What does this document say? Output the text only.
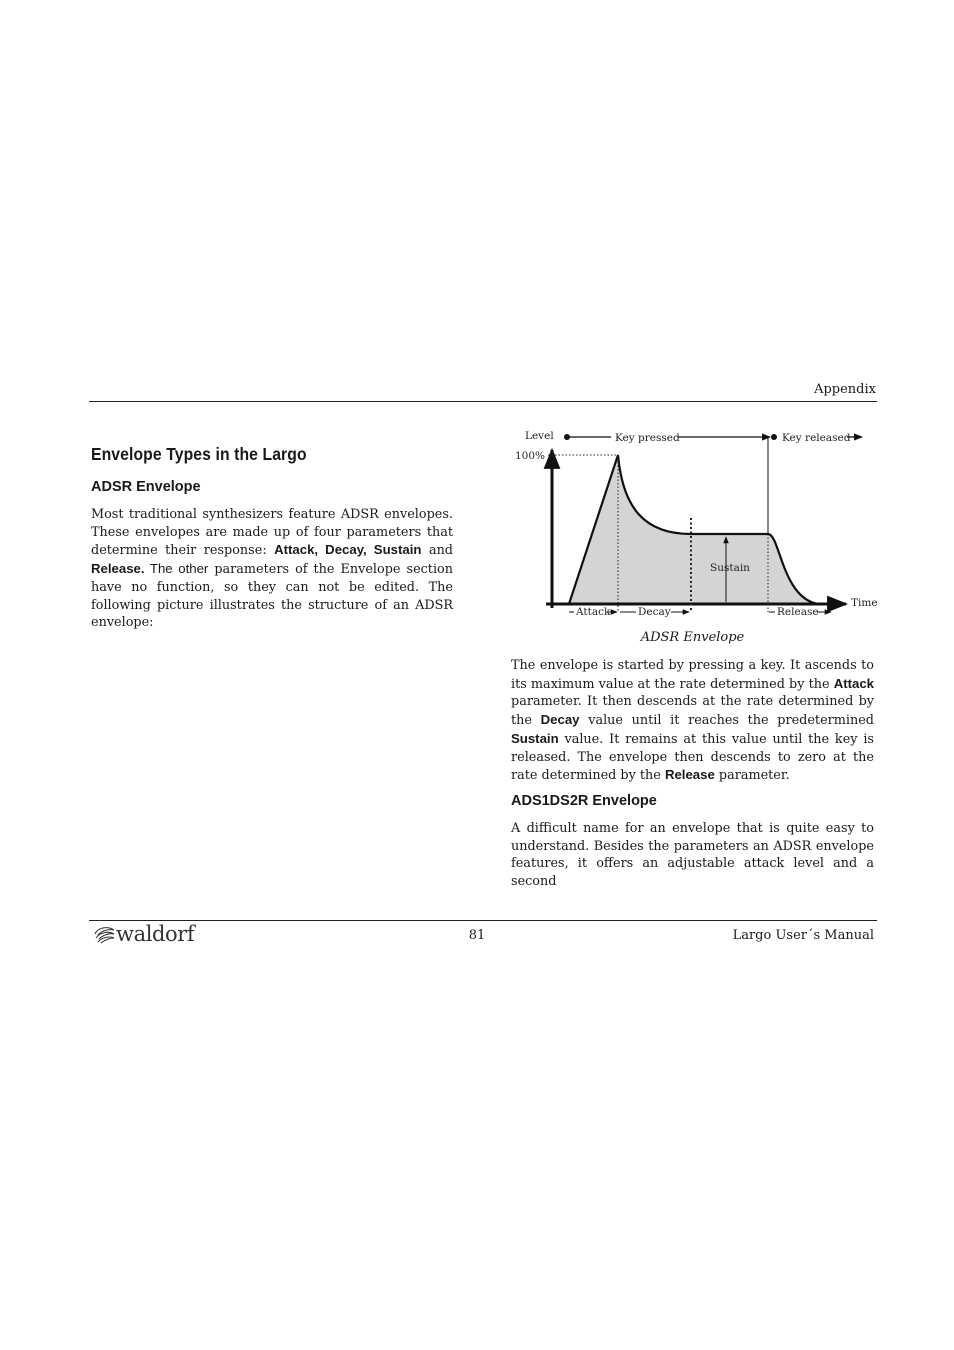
Appendix
Envelope Types in the Largo
ADSR Envelope
Most traditional synthesizers feature ADSR envelopes. These envelopes are made up of four parameters that determine their response: Attack, Decay, Sustain and Release. The other parameters of the Envelope section have no function, so they can not be edited. The following picture illustrates the structure of an ADSR envelope:
Level
100%
Key pressed	Key released
Sustain
Time
Attack	Decay	Release
ADSR Envelope
The envelope is started by pressing a key. It ascends to its maximum value at the rate determined by the Attack parameter. It then descends at the rate determined by the Decay value until it reaches the predetermined Sustain value. It remains at this value until the key is released. The envelope then descends to zero at the rate determined by the Release parameter.
ADS1DS2R Envelope
A difficult name for an envelope that is quite easy to understand. Besides the parameters an ADSR envelope features, it offers an adjustable attack level and a second
waldorf	81	Largo User´s Manual
